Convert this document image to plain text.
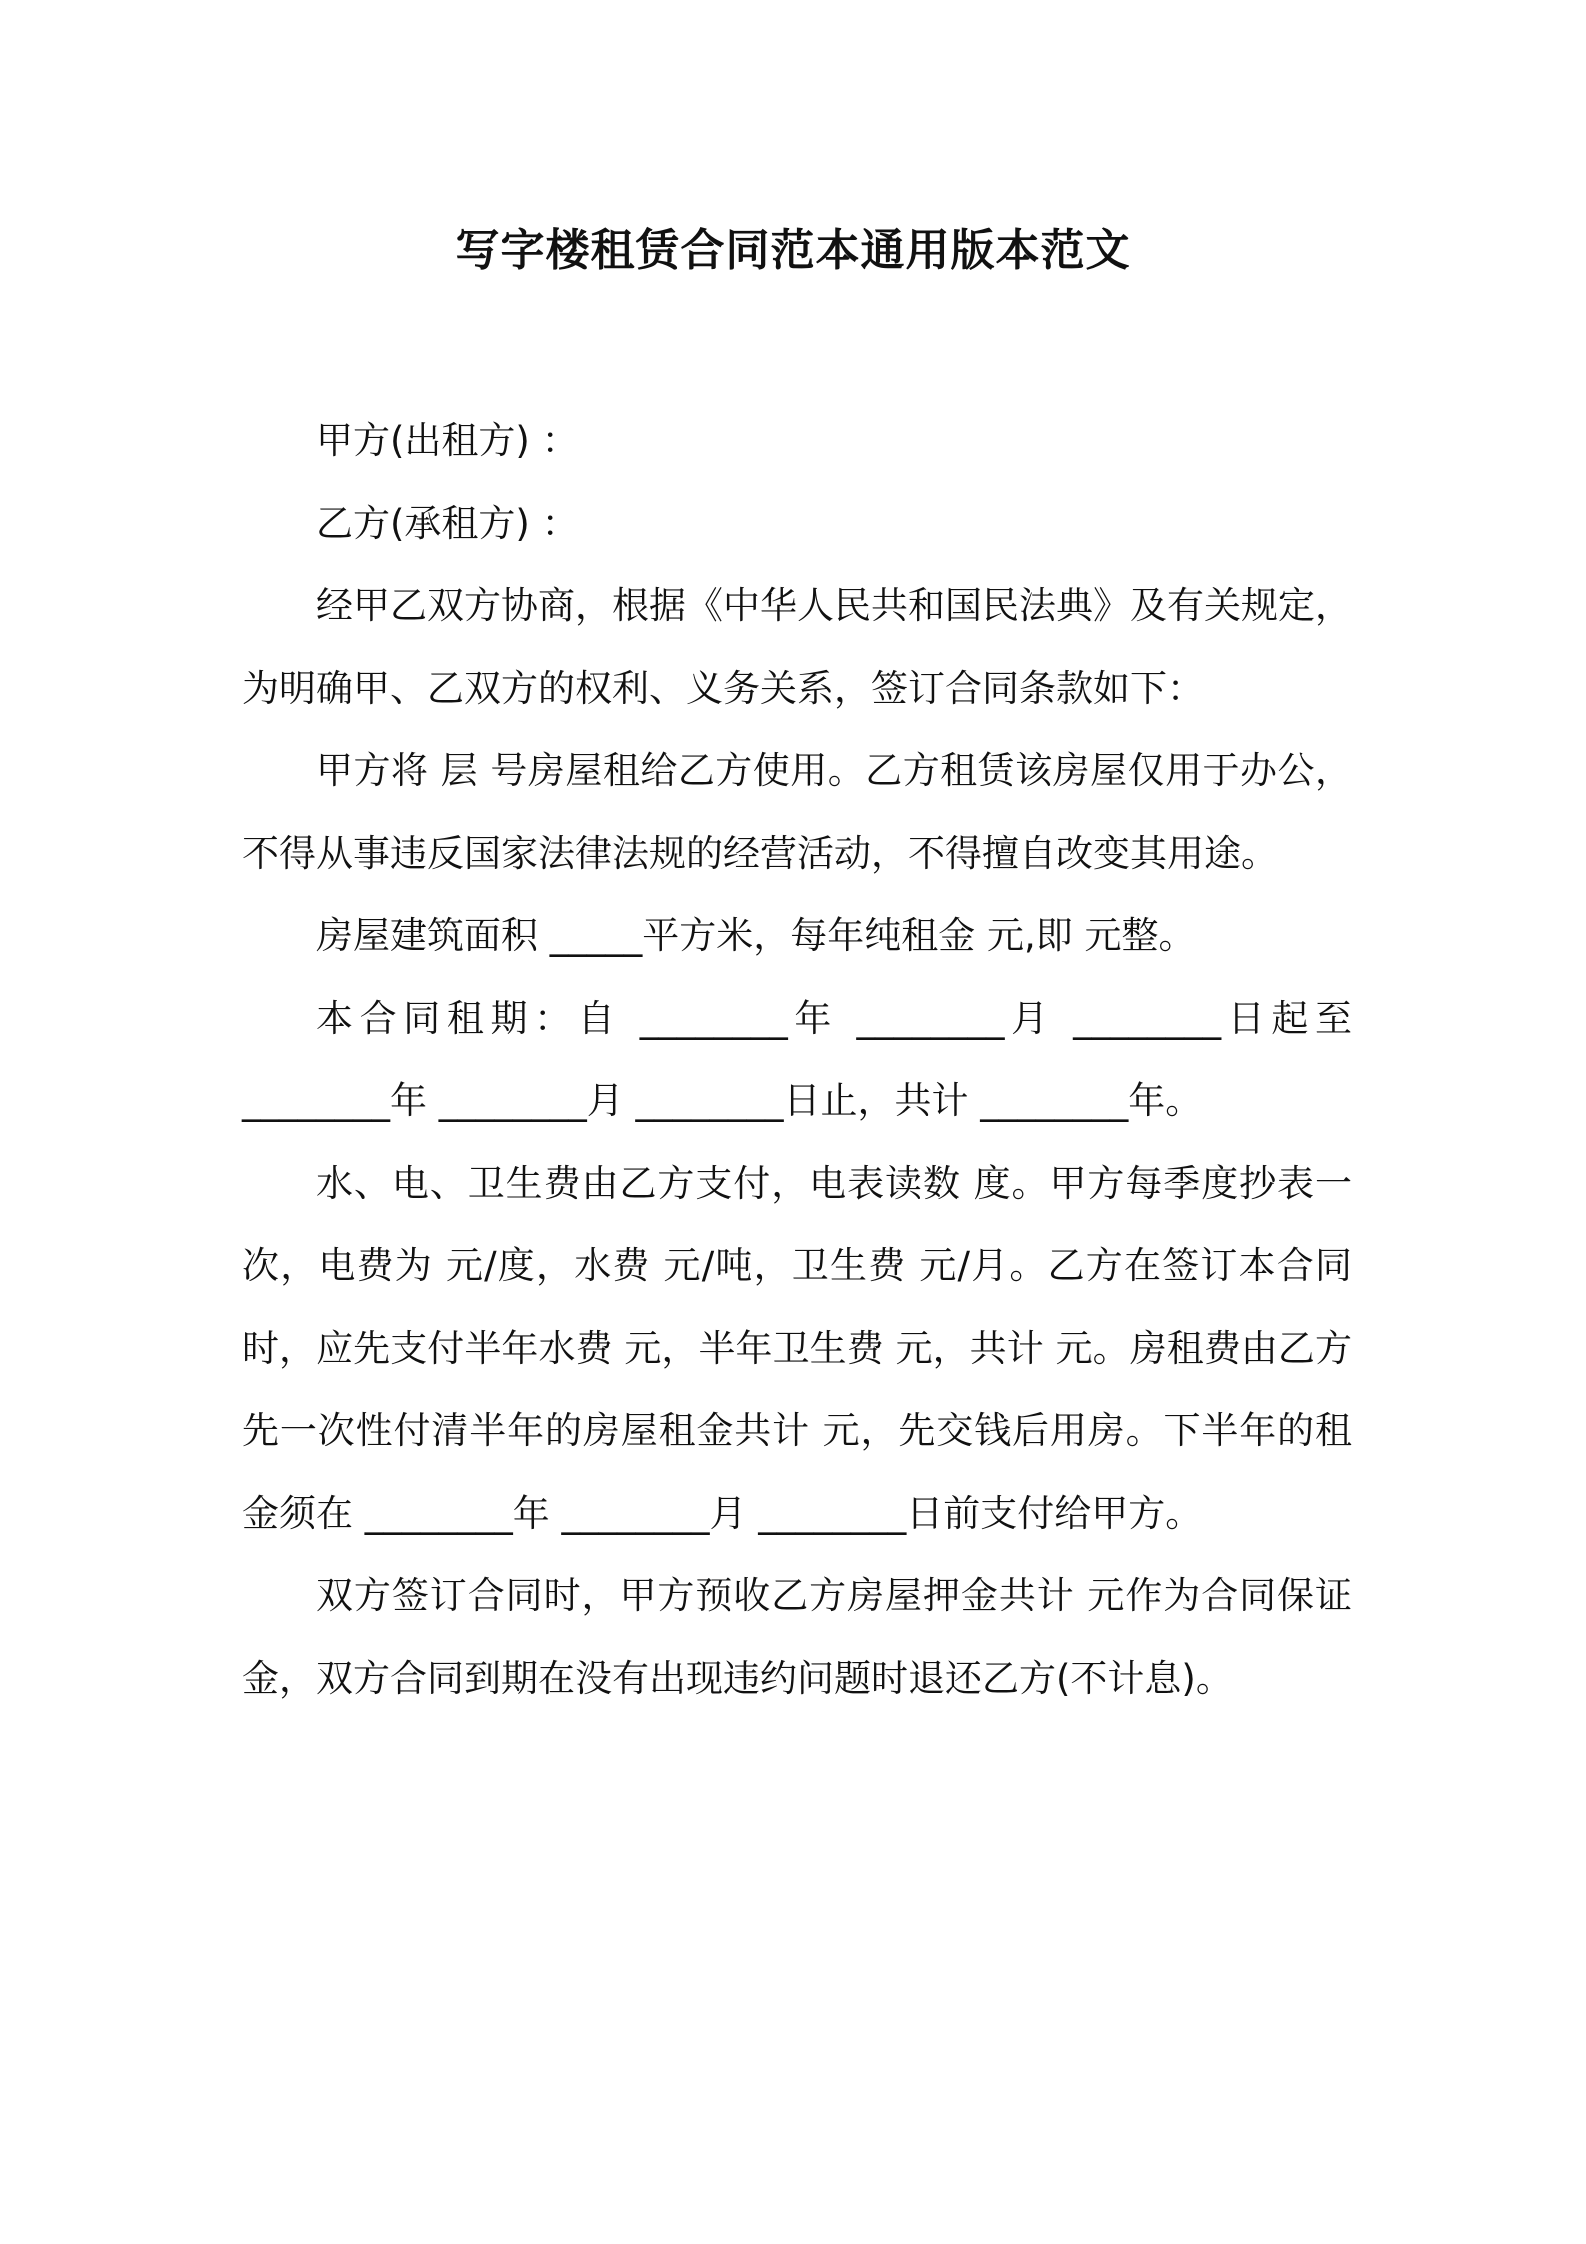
写字楼租赁合同范本通用版本范文

甲方(出租方) ：

乙方(承租方) ：

经甲乙双方协商，根据《中华人民共和国民法典》及有关规定，为明确甲、乙双方的权利、义务关系，签订合同条款如下：

甲方将 层 号房屋租给乙方使用。乙方租赁该房屋仅用于办公，不得从事违反国家法律法规的经营活动，不得擅自改变其用途。

房屋建筑面积 _____平方米，每年纯租金 元,即 元整。

本合同租期：自 ________年 ________月 ________日起至 ________年 ________月 ________日止，共计 ________年。

水、电、卫生费由乙方支付，电表读数 度。甲方每季度抄表一次，电费为 元/度，水费 元/吨，卫生费 元/月。乙方在签订本合同时，应先支付半年水费 元，半年卫生费 元，共计 元。房租费由乙方先一次性付清半年的房屋租金共计 元，先交钱后用房。下半年的租金须在 ________年 ________月 ________日前支付给甲方。

双方签订合同时，甲方预收乙方房屋押金共计 元作为合同保证金，双方合同到期在没有出现违约问题时退还乙方(不计息)。
